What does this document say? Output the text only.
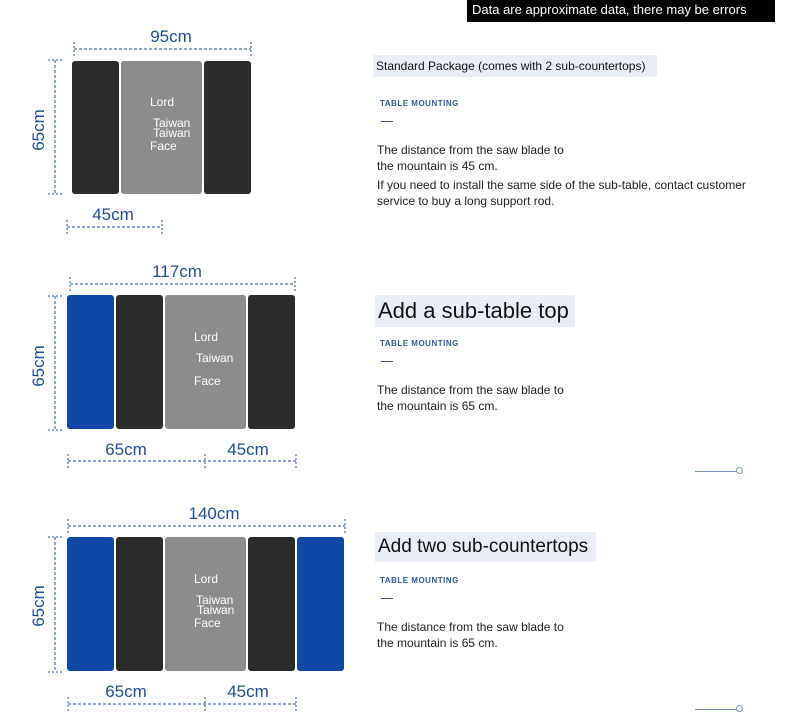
Data are approximate data, there may be errors
95cm
65cm
Lord
Taiwan
Taiwan
Face
45cm
117cm
65cm
Lord
Taiwan
Face
65cm	45cm
140cm
65cm
Lord
Taiwan
Taiwan
Face
65cm	45cm
Standard Package (comes with 2 sub-countertops)
TABLE MOUNTING
The distance from the saw blade to the mountain is 45 cm.
If you need to install the same side of the sub-table, contact customer service to buy a long support rod.
Add a sub-table top
TABLE MOUNTING
The distance from the saw blade to the mountain is 65 cm.
Add two sub-countertops
TABLE MOUNTING
The distance from the saw blade to the mountain is 65 cm.
